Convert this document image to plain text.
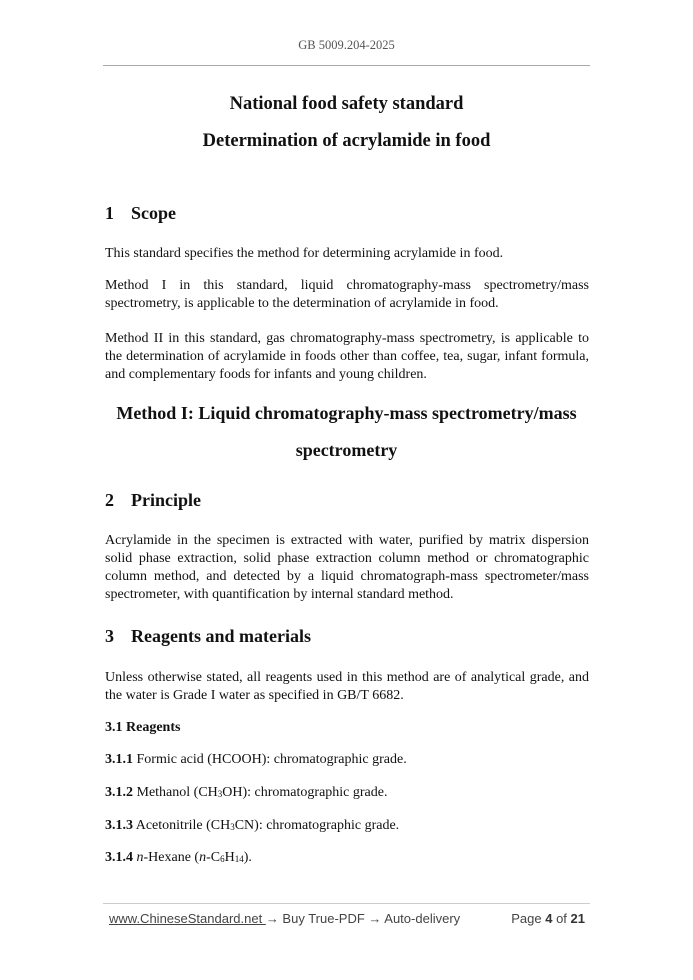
GB 5009.204-2025
National food safety standard
Determination of acrylamide in food
1 Scope
This standard specifies the method for determining acrylamide in food.
Method I in this standard, liquid chromatography-mass spectrometry/mass
spectrometry, is applicable to the determination of acrylamide in food.
Method II in this standard, gas chromatography-mass spectrometry, is applicable to the determination of acrylamide in foods other than coffee, tea, sugar, infant formula, and complementary foods for infants and young children.
Method I: Liquid chromatography-mass spectrometry/mass
spectrometry
2 Principle
Acrylamide in the specimen is extracted with water, purified by matrix dispersion solid phase extraction, solid phase extraction column method or chromatographic column method, and detected by a liquid chromatograph-mass spectrometer/mass spectrometer, with quantification by internal standard method.
3 Reagents and materials
Unless otherwise stated, all reagents used in this method are of analytical grade, and the water is Grade I water as specified in GB/T 6682.
3.1 Reagents
3.1.1 Formic acid (HCOOH): chromatographic grade.
3.1.2 Methanol $(CH_3OH)$: chromatographic grade.
3.1.3 Acetonitrile $(CH_3CN)$: chromatographic grade.
3.1.4 n-Hexane $(n-C_6H_{14})$.
www.ChineseStandard.net → Buy True-PDF → Auto-delivery	Page 4 of 21
